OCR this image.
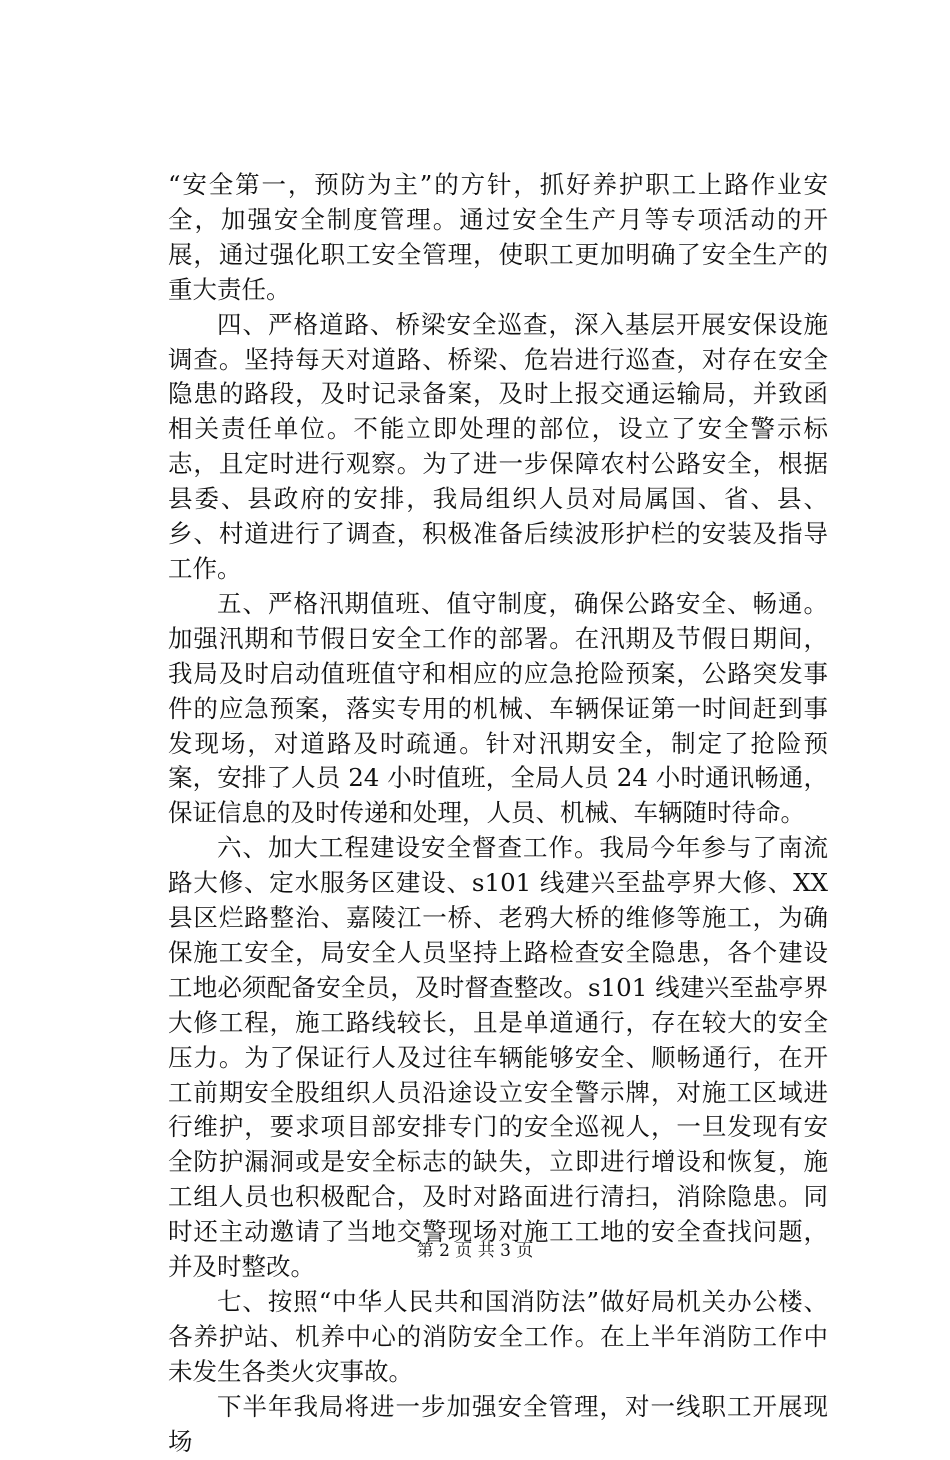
“安全第一，预防为主”的方针，抓好养护职工上路作业安全，加强安全制度管理。通过安全生产月等专项活动的开展，通过强化职工安全管理，使职工更加明确了安全生产的重大责任。

四、严格道路、桥梁安全巡查，深入基层开展安保设施调查。坚持每天对道路、桥梁、危岩进行巡查，对存在安全隐患的路段，及时记录备案，及时上报交通运输局，并致函相关责任单位。不能立即处理的部位，设立了安全警示标志，且定时进行观察。为了进一步保障农村公路安全，根据县委、县政府的安排，我局组织人员对局属国、省、县、乡、村道进行了调查，积极准备后续波形护栏的安装及指导工作。

五、严格汛期值班、值守制度，确保公路安全、畅通。加强汛期和节假日安全工作的部署。在汛期及节假日期间，我局及时启动值班值守和相应的应急抢险预案，公路突发事件的应急预案，落实专用的机械、车辆保证第一时间赶到事发现场，对道路及时疏通。针对汛期安全，制定了抢险预案，安排了人员 24 小时值班，全局人员 24 小时通讯畅通，保证信息的及时传递和处理，人员、机械、车辆随时待命。

六、加大工程建设安全督查工作。我局今年参与了南流路大修、定水服务区建设、s101 线建兴至盐亭界大修、XX 县区烂路整治、嘉陵江一桥、老鸦大桥的维修等施工，为确保施工安全，局安全人员坚持上路检查安全隐患，各个建设工地必须配备安全员，及时督查整改。s101 线建兴至盐亭界大修工程，施工路线较长，且是单道通行，存在较大的安全压力。为了保证行人及过往车辆能够安全、顺畅通行，在开工前期安全股组织人员沿途设立安全警示牌，对施工区域进行维护，要求项目部安排专门的安全巡视人，一旦发现有安全防护漏洞或是安全标志的缺失，立即进行增设和恢复，施工组人员也积极配合，及时对路面进行清扫，消除隐患。同时还主动邀请了当地交警现场对施工工地的安全查找问题，并及时整改。

七、按照“中华人民共和国消防法”做好局机关办公楼、各养护站、机养中心的消防安全工作。在上半年消防工作中未发生各类火灾事故。

下半年我局将进一步加强安全管理，对一线职工开展现场

第 2 页 共 3 页
